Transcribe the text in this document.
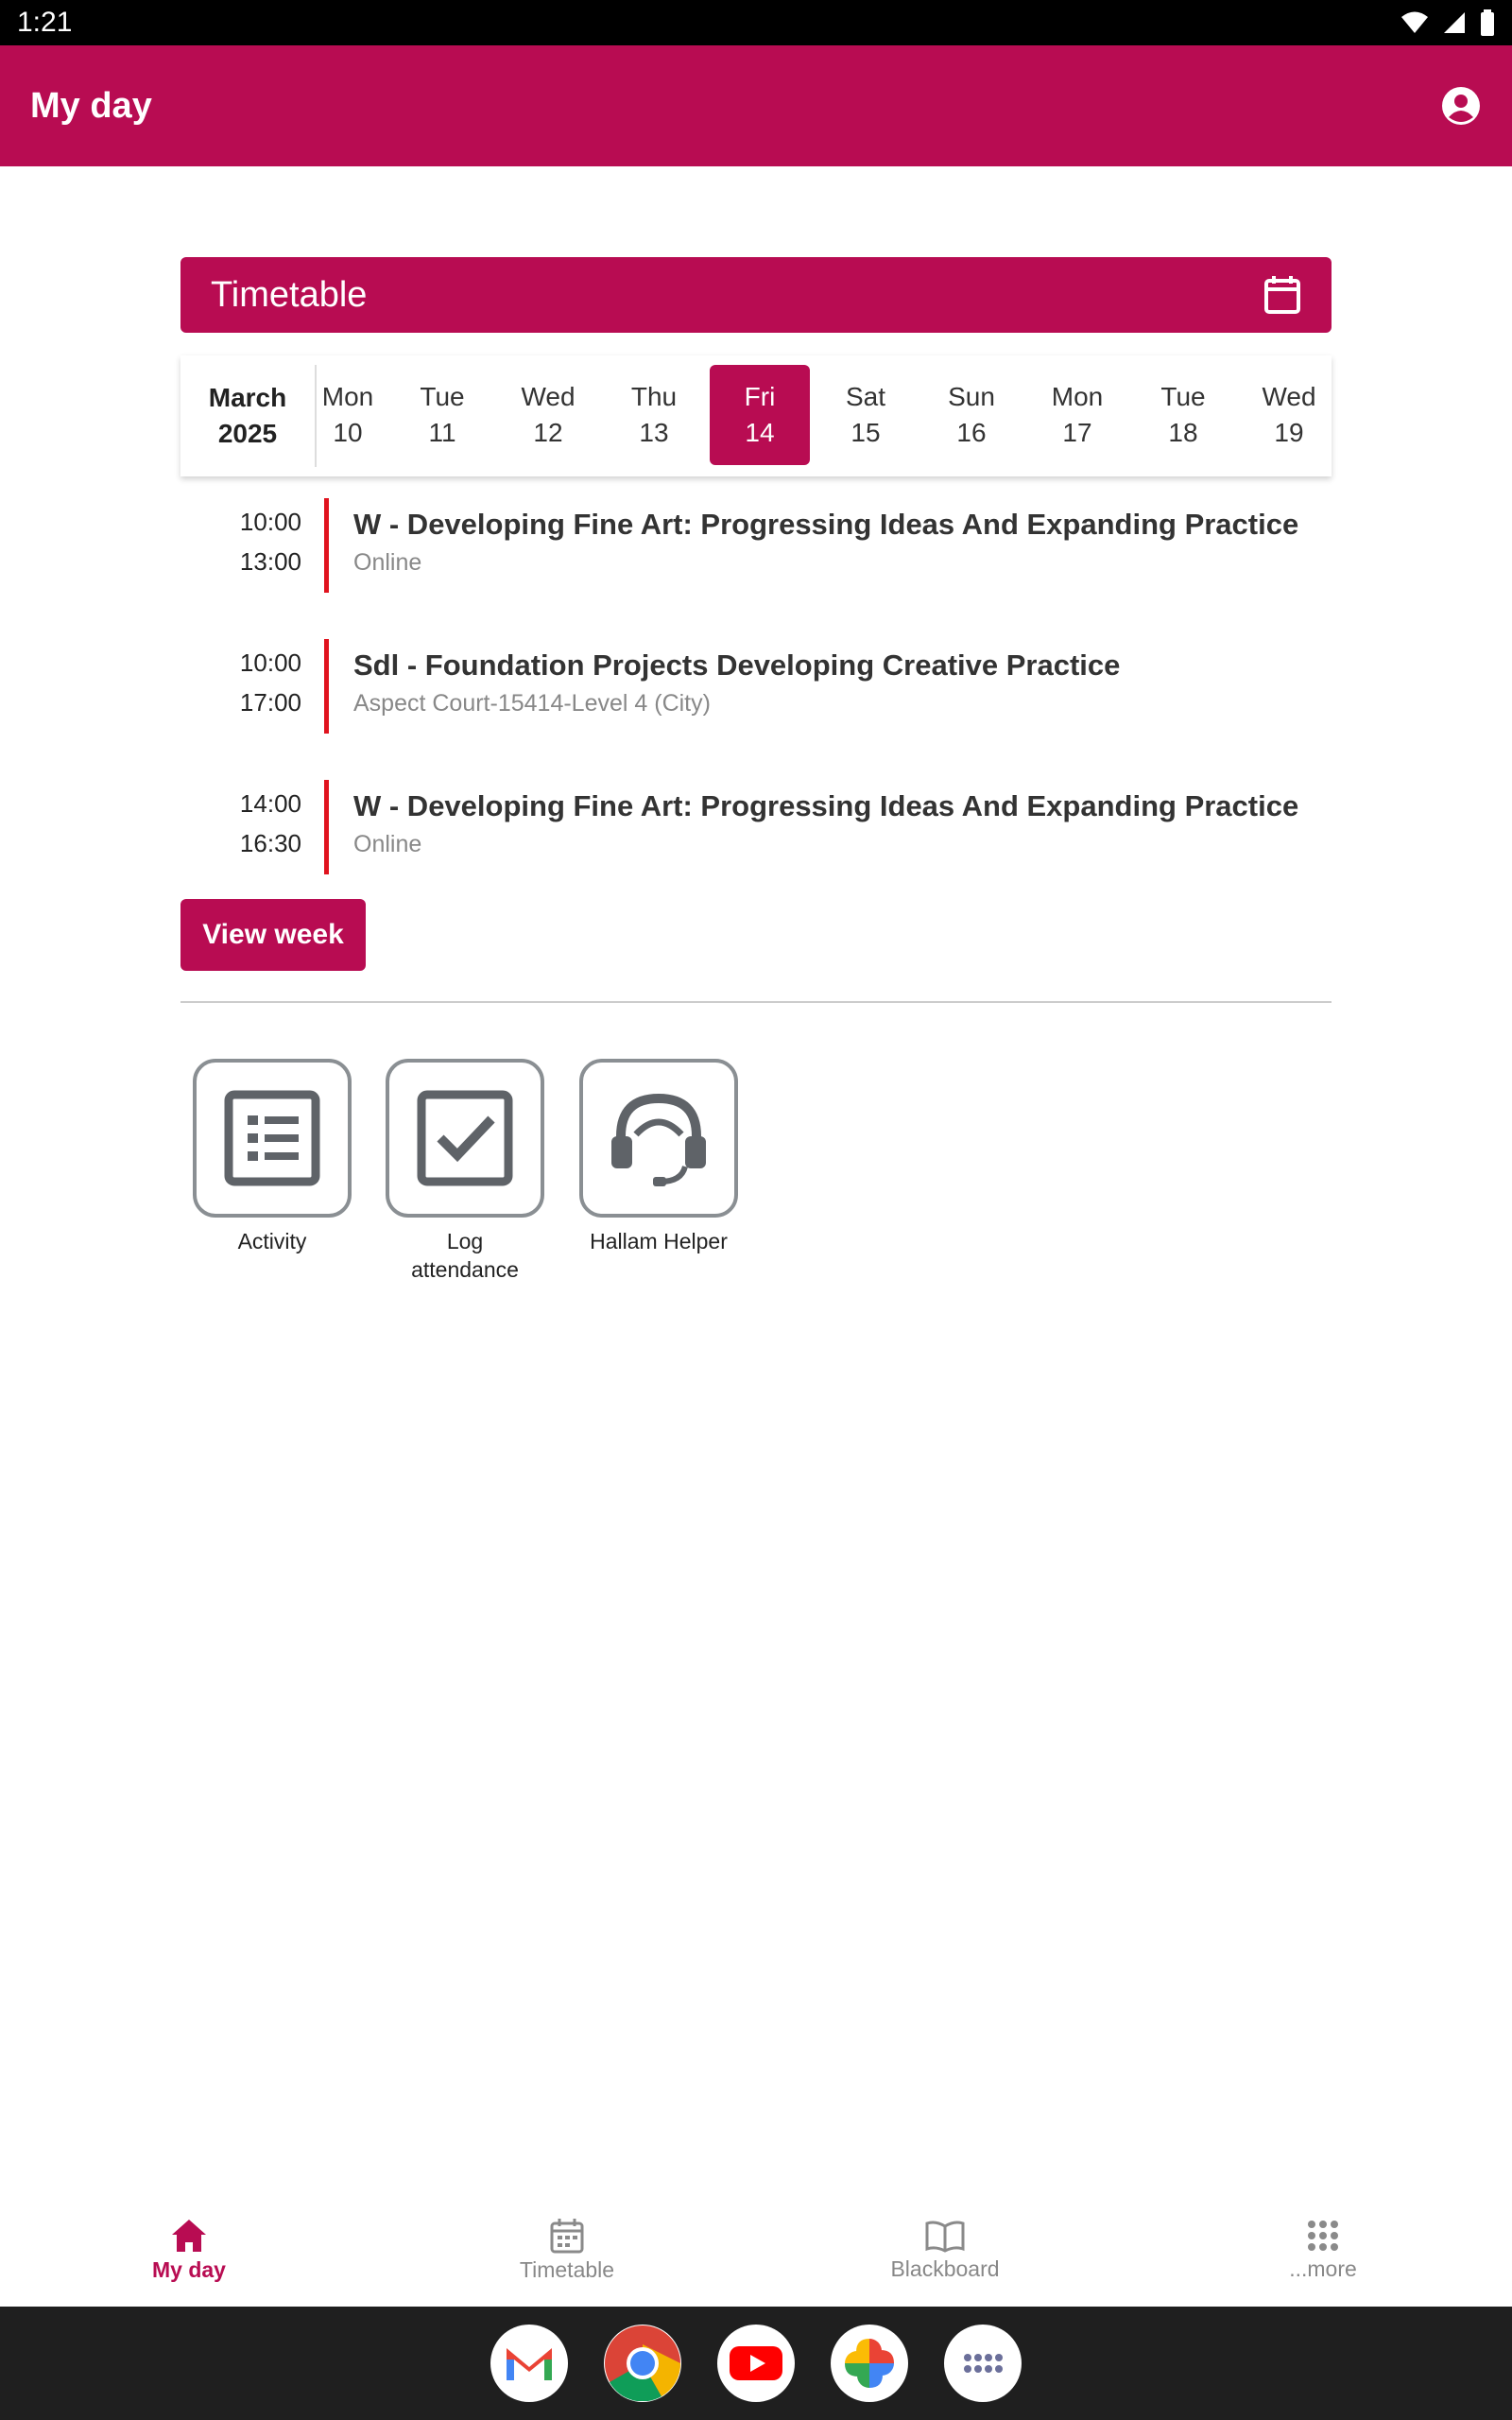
1:21
My day
Timetable
March
2025
Mon
10
Tue
11
Wed
12
Thu
13
Fri
14
Sat
15
Sun
16
Mon
17
Tue
18
Wed
19
10:00
13:00
W - Developing Fine Art: Progressing Ideas And Expanding Practice
Online
10:00
17:00
Sdl - Foundation Projects Developing Creative Practice
Aspect Court-15414-Level 4 (City)
14:00
16:30
W - Developing Fine Art: Progressing Ideas And Expanding Practice
Online
View week
Activity	Log attendance
Hallam Helper
My day	Timetable	Blackboard	...more
